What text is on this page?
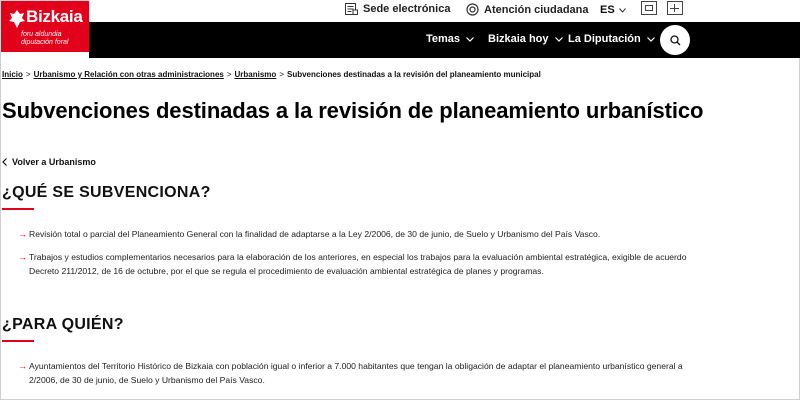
Bizkaia
foru aldundia
diputación foral
Sede electrónica	Atención ciudadana ES
Temas	Bizkaia hoy La Diputación
Inicio > Urbanismo y Relación con otras administraciones > Urbanismo > Subvenciones destinadas a la revisión del planeamiento municipal
Subvenciones destinadas a la revisión de planeamiento urbanístico
Volver a Urbanismo
¿QUÉ SE SUBVENCIONA?
→ Revisión total o parcial del Planeamiento General con la finalidad de adaptarse a la Ley 2/2006, de 30 de junio, de Suelo y Urbanismo del País Vasco.
→ Trabajos y estudios complementarios necesarios para la elaboración de los anteriores, en especial los trabajos para la evaluación ambiental estratégica, exigible de acuerdo
Decreto 211/2012, de 16 de octubre, por el que se regula el procedimiento de evaluación ambiental estratégica de planes y programas.
¿PARA QUIÉN?
→ Ayuntamientos del Territorio Histórico de Bizkaia con población igual o inferior a 7.000 habitantes que tengan la obligación de adaptar el planeamiento urbanístico general a
2/2006, de 30 de junio, de Suelo y Urbanismo del País Vasco.
